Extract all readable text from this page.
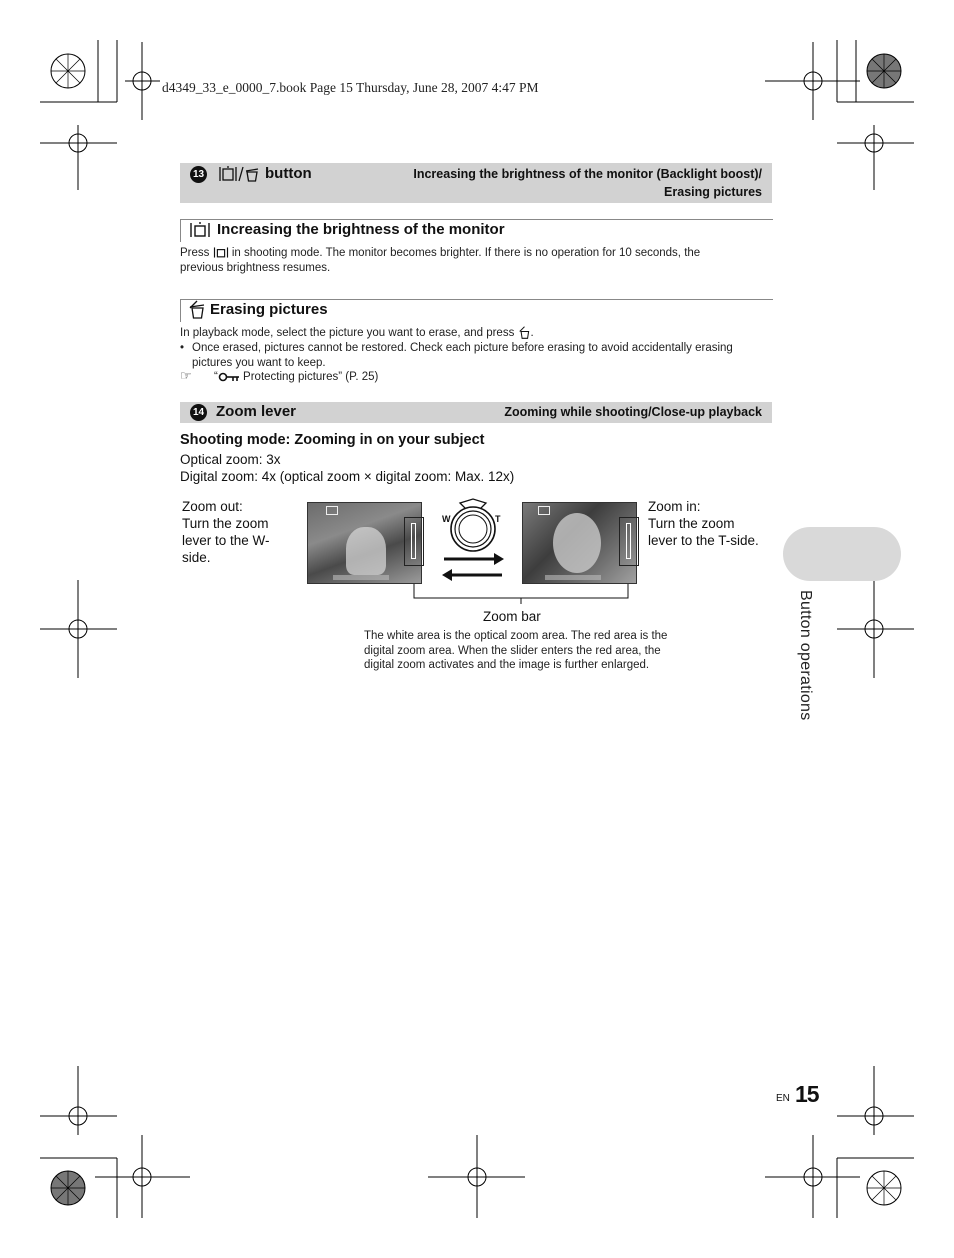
d4349_33_e_0000_7.book Page 15 Thursday, June 28, 2007 4:47 PM
13	button	Increasing the brightness of the monitor (Backlight boost)/
Erasing pictures
Increasing the brightness of the monitor
Press in shooting mode. The monitor becomes brighter. If there is no operation for 10 seconds, the
previous brightness resumes.
Erasing pictures
In playback mode, select the picture you want to erase, and press .
• Once erased, pictures cannot be restored. Check each picture before erasing to avoid accidentally erasing
pictures you want to keep.
☞ “ Protecting pictures” (P. 25)
14 Zoom lever	Zooming while shooting/Close-up playback
Shooting mode: Zooming in on your subject
Optical zoom: 3x
Digital zoom: 4x (optical zoom × digital zoom: Max. 12x)
Zoom out:
Turn the zoom
lever to the W-
side.
Zoom in:
Turn the zoom
lever to the T-side.
W	T
Zoom bar
The white area is the optical zoom area. The red area is the
digital zoom area. When the slider enters the red area, the
digital zoom activates and the image is further enlarged.	Button operations
EN 15
